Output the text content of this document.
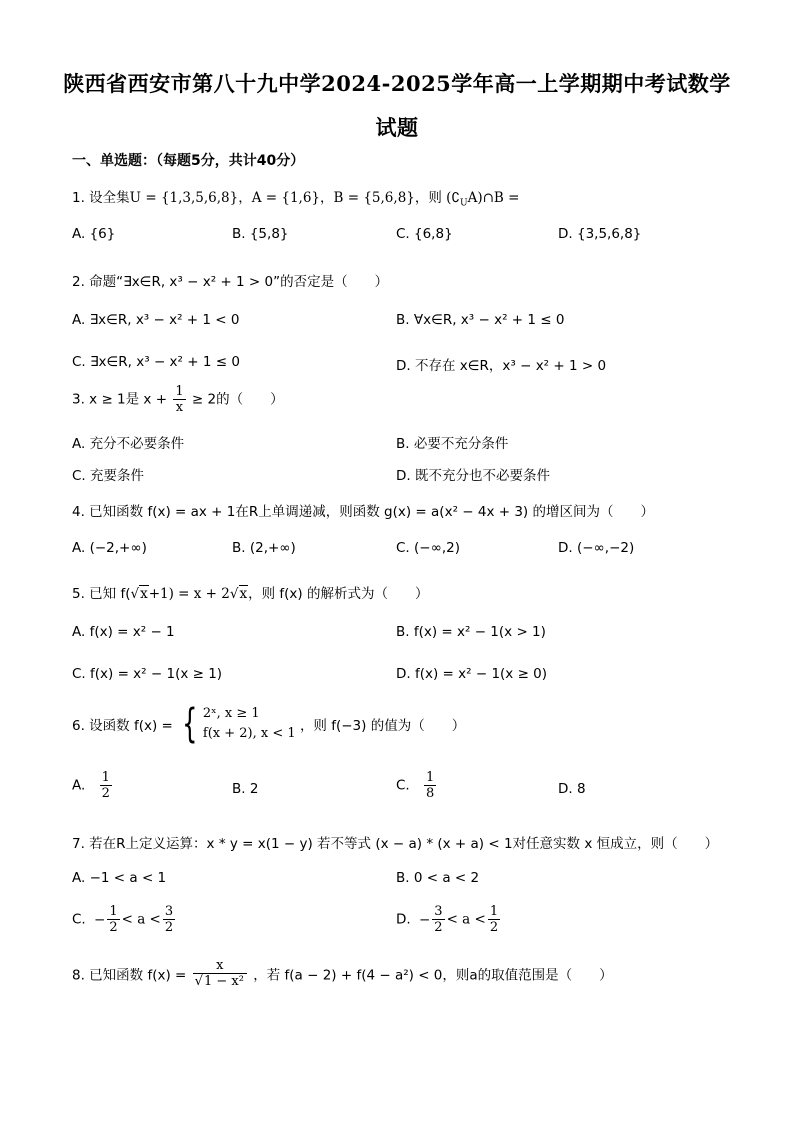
陕西省西安市第八十九中学2024-2025学年高一上学期期中考试数学
试题
一、单选题：（每题5分，共计40分）
1. 设全集U = {1,3,5,6,8}，A = {1,6}，B = {5,6,8}，则 $(∁_UA)\cap B$ =
A. {6}	B. {5,8}	C. {6,8}	D. {3,5,6,8}
2. 命题“∃x∈R, x³ − x² + 1 > 0”的否定是（　　）
A. ∃x∈R, x³ − x² + 1 < 0	B. ∀x∈R, x³ − x² + 1 ≤ 0
C. ∃x∈R, x³ − x² + 1 ≤ 0	D. 不存在 x∈R，x³ − x² + 1 > 0
3. x ≥ 1是 $x + \frac{1}{x} \ge 2$的（　　）
A. 充分不必要条件	B. 必要不充分条件
C. 充要条件	D. 既不充分也不必要条件
4. 已知函数 f(x) = ax + 1在R上单调递减，则函数 g(x) = a(x² − 4x + 3) 的增区间为（　　）
A. (−2,+∞)	B. (2,+∞)	C. (−∞,2)	D. (−∞,−2)
5. 已知 f(√x+1) = x + 2√x，则 f(x) 的解析式为（　　）
A. f(x) = x² − 1	B. f(x) = x² − 1(x > 1)
C. f(x) = x² − 1(x ≥ 1)	D. f(x) = x² − 1(x ≥ 0)
6. 设函数 f(x) = { 2ˣ, x ≥ 1
f(x + 2), x < 1 ，则 f(−3) 的值为（　　）
A. $\frac{1}{2}$	B. 2	C. $\frac{1}{8}$	D. 8
7. 若在R上定义运算：x * y = x(1 − y) 若不等式 (x − a) * (x + a) < 1对任意实数 x 恒成立，则（　　）
A. −1 < a < 1	B. 0 < a < 2
C. − $\frac{1}{2} < a < \frac{3}{2}$	D. − $\frac{3}{2} < a < \frac{1}{2}$
8. 已知函数 $f(x) = \frac{x}{\text{√1 − x²}}$ ，若 f(a − 2) + f(4 − a²) < 0，则a的取值范围是（　　）
